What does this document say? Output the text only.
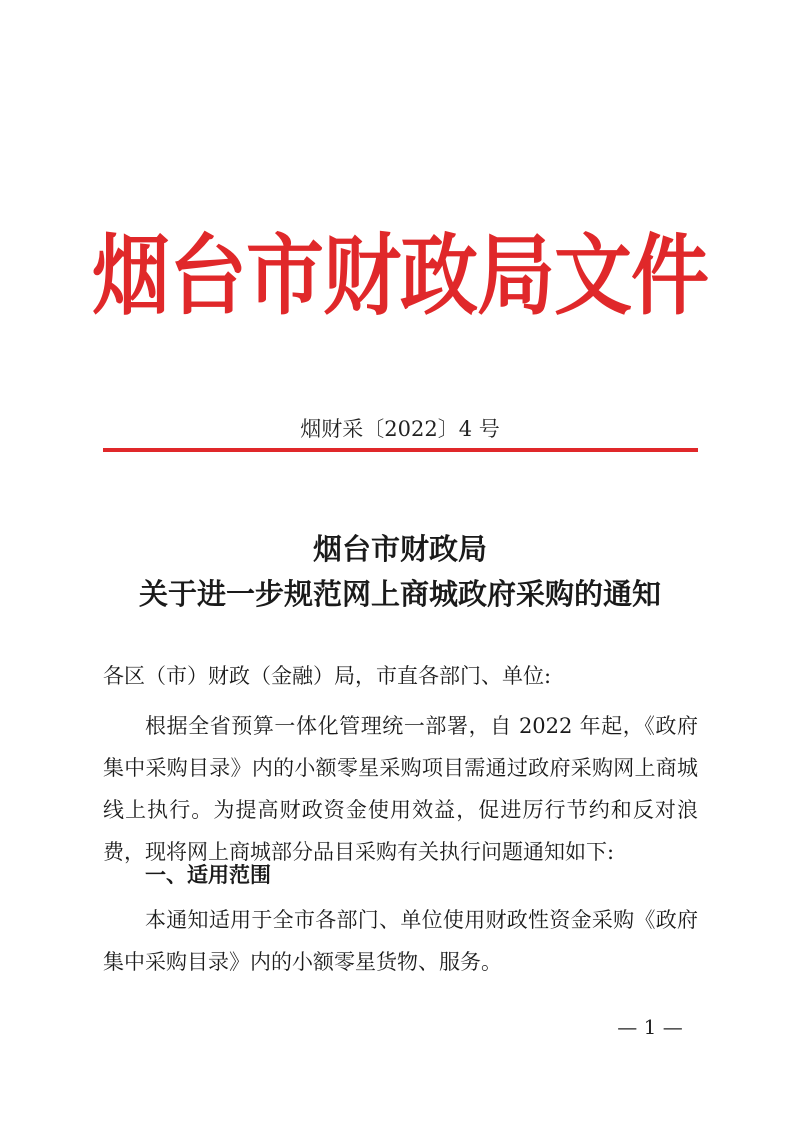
烟台市财政局文件
烟财采〔2022〕4 号
烟台市财政局
关于进一步规范网上商城政府采购的通知
各区（市）财政（金融）局，市直各部门、单位:
根据全省预算一体化管理统一部署，自 2022 年起，《政府集中采购目录》内的小额零星采购项目需通过政府采购网上商城线上执行。为提高财政资金使用效益，促进厉行节约和反对浪费，现将网上商城部分品目采购有关执行问题通知如下:
一、适用范围
本通知适用于全市各部门、单位使用财政性资金采购《政府集中采购目录》内的小额零星货物、服务。
— 1 —
